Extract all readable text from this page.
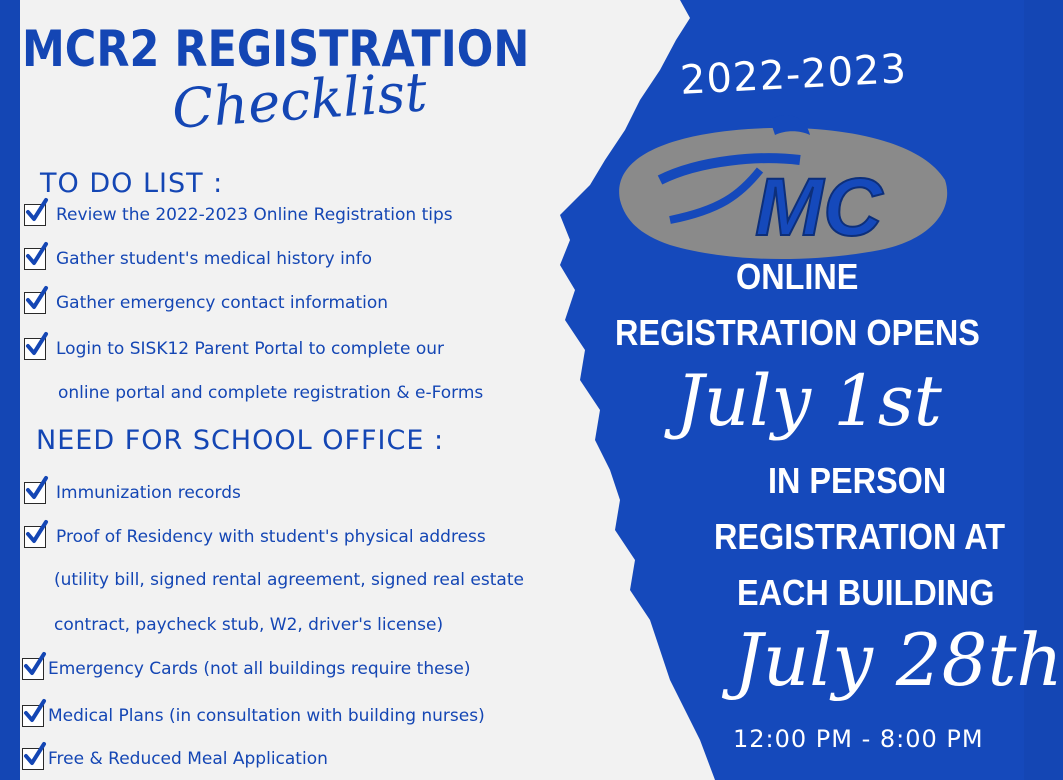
MCR2 REGISTRATION
Checklist
TO DO LIST :
Review the 2022-2023 Online Registration tips
Gather student's medical history info
Gather emergency contact information
Login to SISK12 Parent Portal to complete our
online portal and complete registration & e-Forms
NEED FOR SCHOOL OFFICE :
Immunization records
Proof of Residency with student's physical address
(utility bill, signed rental agreement, signed real estate
contract, paycheck stub, W2, driver's license)
Emergency Cards (not all buildings require these)
Medical Plans (in consultation with building nurses)
Free & Reduced Meal Application
2022-2023
MC
ONLINE
REGISTRATION OPENS
July 1st
IN PERSON
REGISTRATION AT
EACH BUILDING
July 28th
12:00 PM - 8:00 PM
